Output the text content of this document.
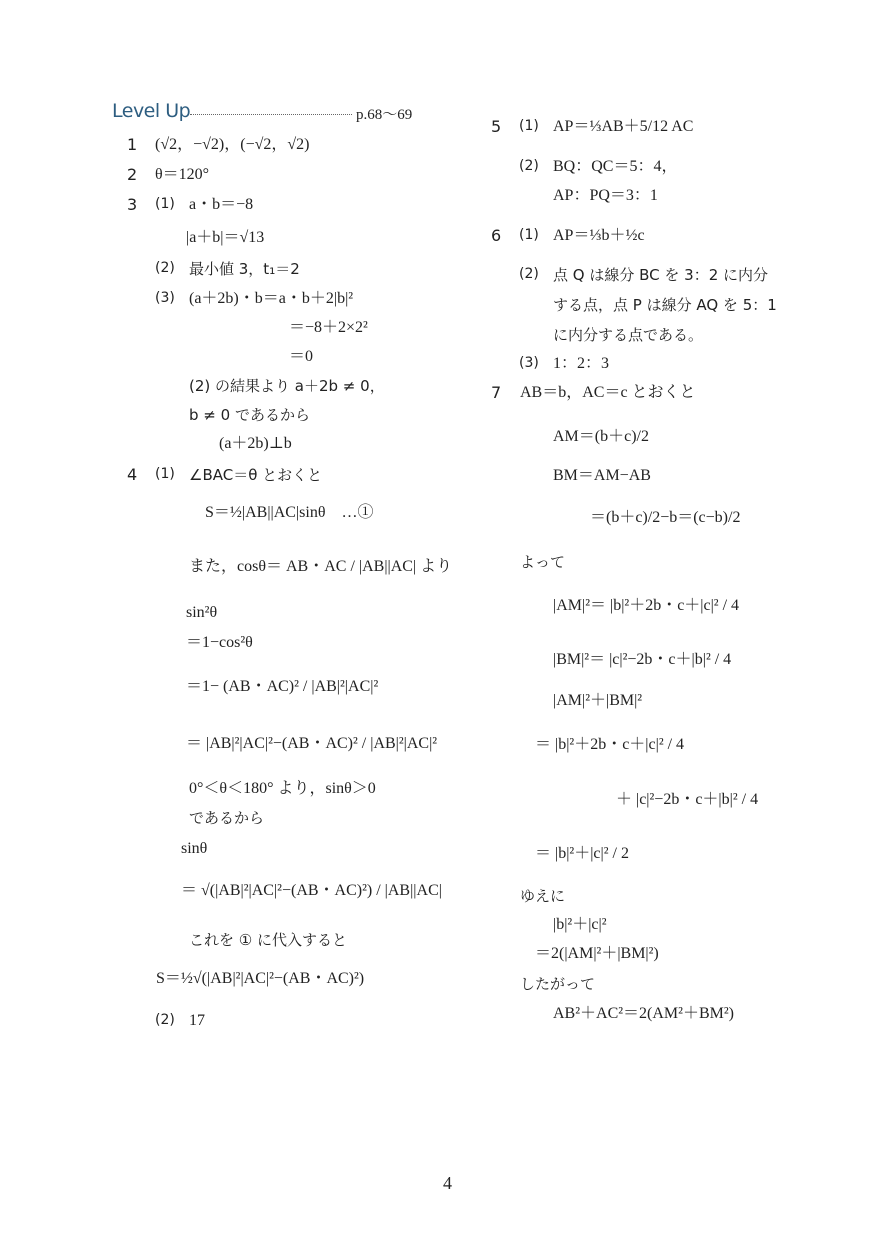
Level Up	p.68〜69
1 (√2，−√2)，(−√2，√2)
2 θ＝120°
3 (1) a・b＝−8
|a＋b|＝√13
(2) 最小値 3，t₁＝2
(3) (a＋2b)・b＝a・b＋2|b|²
＝−8＋2×2²
＝0
(2) の結果より a＋2b ≠ 0，
b ≠ 0 であるから
(a＋2b)⊥b
4 (1) ∠BAC＝θ とおくと
S＝½|AB||AC|sinθ　…①
また，cosθ＝ AB・AC / |AB||AC| より
sin²θ
＝1−cos²θ
＝1− (AB・AC)² / |AB|²|AC|²
＝ |AB|²|AC|²−(AB・AC)² / |AB|²|AC|²
0°＜θ＜180° より，sinθ＞0
であるから
sinθ
＝ √(|AB|²|AC|²−(AB・AC)²) / |AB||AC|
これを ① に代入すると
S＝½√(|AB|²|AC|²−(AB・AC)²)
(2) 17
5 (1) AP＝⅓AB＋5/12 AC
(2) BQ：QC＝5：4，
AP：PQ＝3：1
6 (1) AP＝⅓b＋½c
(2) 点 Q は線分 BC を 3：2 に内分
する点，点 P は線分 AQ を 5：1
に内分する点である。
(3) 1：2：3
7 AB＝b，AC＝c とおくと
AM＝(b＋c)/2
BM＝AM−AB
＝(b＋c)/2−b＝(c−b)/2
よって
|AM|²＝ |b|²＋2b・c＋|c|² / 4
|BM|²＝ |c|²−2b・c＋|b|² / 4
|AM|²＋|BM|²
＝ |b|²＋2b・c＋|c|² / 4
＋ |c|²−2b・c＋|b|² / 4
＝ |b|²＋|c|² / 2
ゆえに
|b|²＋|c|²
＝2(|AM|²＋|BM|²)
したがって
AB²＋AC²＝2(AM²＋BM²)
4
